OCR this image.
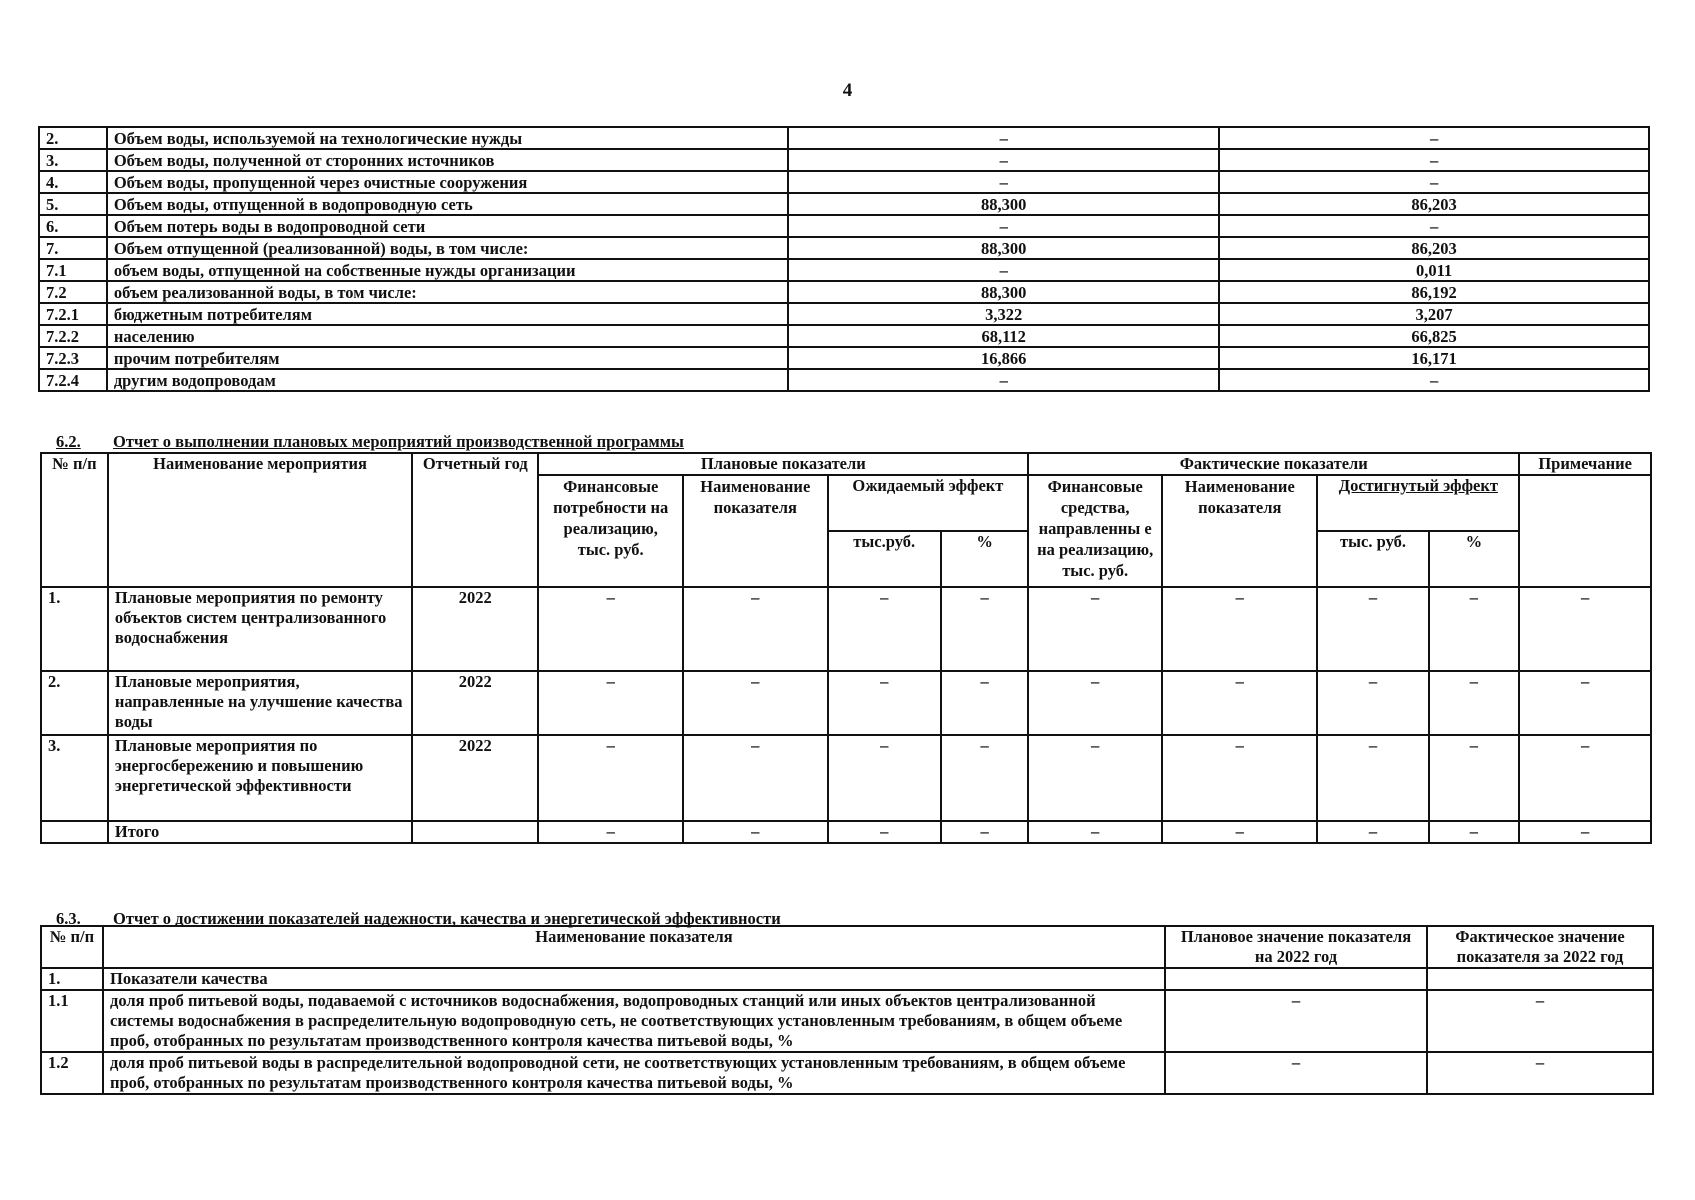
4
2.	Объем воды, используемой на технологические нужды	–	–
3.	Объем воды, полученной от сторонних источников	–	–
4.	Объем воды, пропущенной через очистные сооружения	–	–
5.	Объем воды, отпущенной в водопроводную сеть	88,300	86,203
6.	Объем потерь воды в водопроводной сети	–	–
7.	Объем отпущенной (реализованной) воды, в том числе:	88,300	86,203
7.1	объем воды, отпущенной на собственные нужды организации	–	0,011
7.2	объем реализованной воды, в том числе:	88,300	86,192
7.2.1	бюджетным потребителям	3,322	3,207
7.2.2	населению	68,112	66,825
7.2.3	прочим потребителям	16,866	16,171
7.2.4	другим водопроводам	–	–
6.2. Отчет о выполнении плановых мероприятий производственной программы
№ п/п	Наименование мероприятия	Отчетный год	Плановые показатели				Фактические показатели				Примечание
			Финансовые потребности на реализацию, тыс. руб.	Наименование показателя	Ожидаемый эффект		Финансовые средства, направленны е на реализацию, тыс. руб.	Наименование показателя	Достигнутый эффект		
					тыс.руб.	%			тыс. руб.	%	
1.	Плановые мероприятия по ремонту объектов систем централизованного водоснабжения	2022	–	–	–	–	–	–	–	–	–
2.	Плановые мероприятия, направленные на улучшение качества воды	2022	–	–	–	–	–	–	–	–	–
3.	Плановые мероприятия по энергосбережению и повышению энергетической эффективности	2022	–	–	–	–	–	–	–	–	–
	Итого		–	–	–	–	–	–	–	–	–
6.3. Отчет о достижении показателей надежности, качества и энергетической эффективности
№ п/п	Наименование показателя	Плановое значение показателя на 2022 год	Фактическое значение показателя за 2022 год
1.	Показатели качества		
1.1	доля проб питьевой воды, подаваемой с источников водоснабжения, водопроводных станций или иных объектов централизованной системы водоснабжения в распределительную водопроводную сеть, не соответствующих установленным требованиям, в общем объеме проб, отобранных по результатам производственного контроля качества питьевой воды, %	–	–
1.2	доля проб питьевой воды в распределительной водопроводной сети, не соответствующих установленным требованиям, в общем объеме проб, отобранных по результатам производственного контроля качества питьевой воды, %	–	–
